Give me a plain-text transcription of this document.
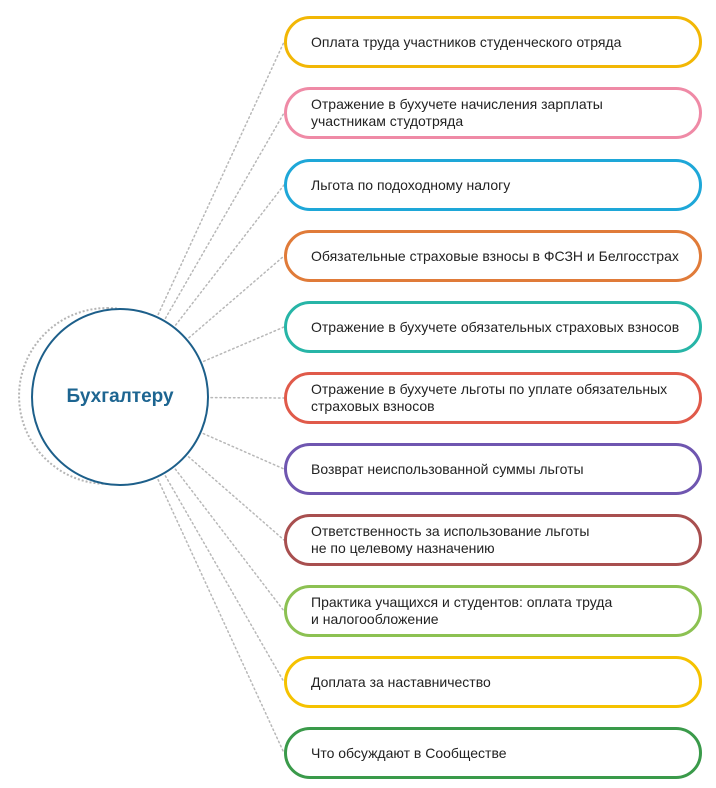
Бухгалтеру
Оплата труда участников студенческого отряда
Отражение в бухучете начисления зарплаты
участникам студотряда
Льгота по подоходному налогу
Обязательные страховые взносы в ФСЗН и Белгосстрах
Отражение в бухучете обязательных страховых взносов
Отражение в бухучете льготы по уплате обязательных
страховых взносов
Возврат неиспользованной суммы льготы
Ответственность за использование льготы
не по целевому назначению
Практика учащихся и студентов: оплата труда
и налогообложение
Доплата за наставничество
Что обсуждают в Сообществе
